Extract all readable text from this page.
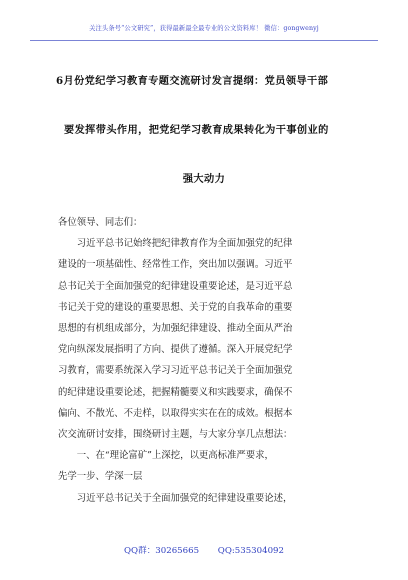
关注头条号“公文研究”，获得最新最全最专业的公文资料库！ 微信：gongwenyj
6月份党纪学习教育专题交流研讨发言提纲：党员领导干部
要发挥带头作用，把党纪学习教育成果转化为干事创业的
强大动力

各位领导、同志们：

　　习近平总书记始终把纪律教育作为全面加强党的纪律

建设的一项基础性、经常性工作，突出加以强调。习近平

总书记关于全面加强党的纪律建设重要论述，是习近平总

书记关于党的建设的重要思想、关于党的自我革命的重要

思想的有机组成部分，为加强纪律建设、推动全面从严治

党向纵深发展指明了方向、提供了遵循。深入开展党纪学

习教育，需要系统深入学习习近平总书记关于全面加强党

的纪律建设重要论述，把握精髓要义和实践要求，确保不

偏向、不散光、不走样，以取得实实在在的成效。根据本

次交流研讨安排，围绕研讨主题，与大家分享几点想法：

　　一、在“理论富矿”上深挖，以更高标准严要求，

先学一步、学深一层

　　习近平总书记关于全面加强党的纪律建设重要论述，

QQ群：30265665 QQ:535304092
